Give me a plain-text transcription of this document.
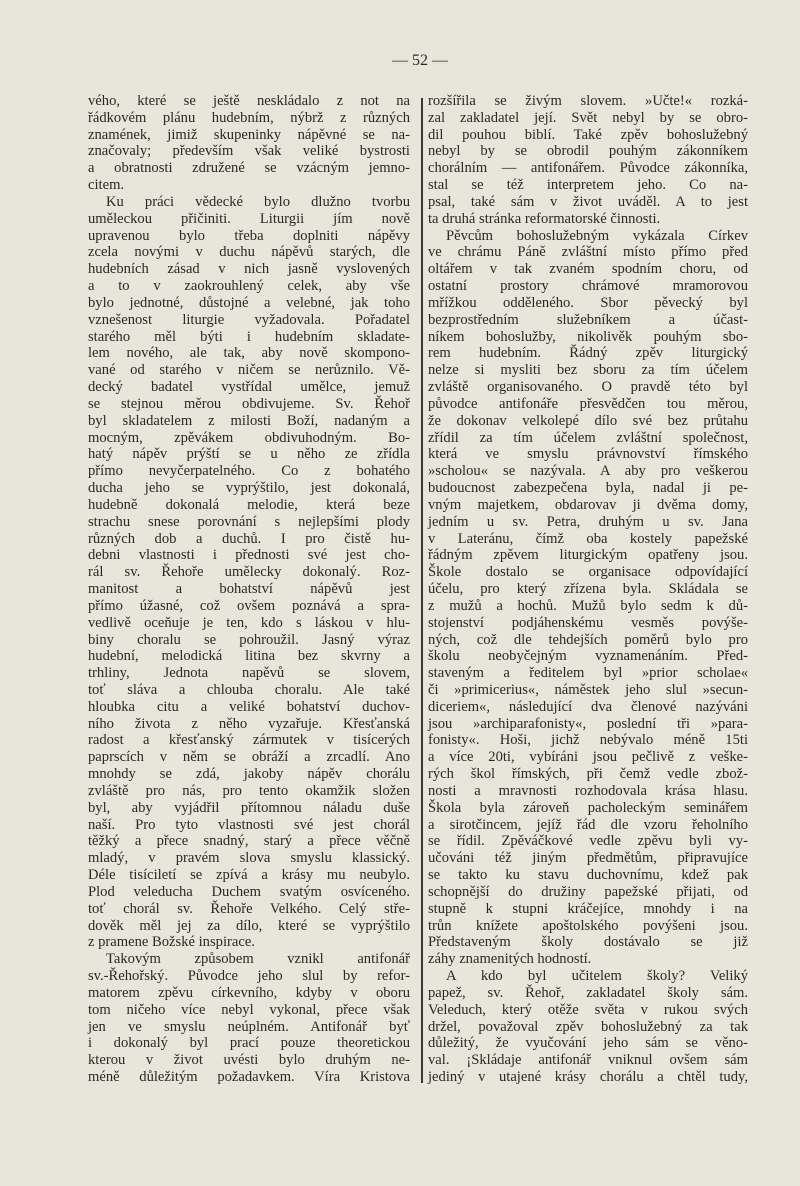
— 52 —
vého, které se ještě neskládalo z not na
řádkovém plánu hudebním, nýbrž z různých
znamének, jimiž skupeninky nápěvné se na-
značovaly; především však veliké bystrosti
a obratnosti združené se vzácným jemno-
citem.
Ku práci vědecké bylo dlužno tvorbu
uměleckou přičiniti. Liturgii jím nově
upravenou bylo třeba doplniti nápěvy
zcela novými v duchu nápěvů starých, dle
hudebních zásad v nich jasně vyslovených
a to v zaokrouhlený celek, aby vše
bylo jednotné, důstojné a velebné, jak toho
vznešenost liturgie vyžadovala. Pořadatel
starého měl býti i hudebním skladate-
lem nového, ale tak, aby nově skompono-
vané od starého v ničem se nerůznilo. Vě-
decký badatel vystřídal umělce, jemuž
se stejnou měrou obdivujeme. Sv. Řehoř
byl skladatelem z milosti Boží, nadaným a
mocným, zpěvákem obdivuhodným. Bo-
hatý nápěv prýští se u něho ze zřídla
přímo nevyčerpatelného. Co z bohatého
ducha jeho se vyprýštilo, jest dokonalá,
hudebně dokonalá melodie, která beze
strachu snese porovnání s nejlepšími plody
různých dob a duchů. I pro čistě hu-
debni vlastnosti i přednosti své jest cho-
rál sv. Řehoře umělecky dokonalý. Roz-
manitost a bohatství nápěvů jest
přímo úžasné, což ovšem poznává a spra-
vedlivě oceňuje je ten, kdo s láskou v hlu-
biny choralu se pohroužil. Jasný výraz
hudební, melodická litina bez skvrny a
trhliny, Jednota napěvů se slovem,
toť sláva a chlouba choralu. Ale také
hloubka citu a veliké bohatství duchov-
ního života z něho vyzařuje. Křesťanská
radost a křesťanský zármutek v tisícerých
paprscích v něm se obráží a zrcadlí. Ano
mnohdy se zdá, jakoby nápěv chorálu
zvláště pro nás, pro tento okamžik složen
byl, aby vyjádřil přítomnou náladu duše
naší. Pro tyto vlastnosti své jest chorál
těžký a přece snadný, starý a přece věčně
mladý, v pravém slova smyslu klassický.
Déle tisíciletí se zpívá a krásy mu neubylo.
Plod veleducha Duchem svatým osvíceného.
toť chorál sv. Řehoře Velkého. Celý stře-
dověk měl jej za dílo, které se vyprýštilo
z pramene Božské inspirace.
Takovým způsobem vznikl antifonář
sv.-Řehořský. Původce jeho slul by refor-
matorem zpěvu církevního, kdyby v oboru
tom ničeho více nebyl vykonal, přece však
jen ve smyslu neúplném. Antifonář byť
i dokonalý byl prací pouze theoretickou
kterou v život uvésti bylo druhým ne-
méně důležitým požadavkem. Víra Kristova
rozšířila se živým slovem. »Učte!« rozká-
zal zakladatel její. Svět nebyl by se obro-
dil pouhou biblí. Také zpěv bohoslužebný
nebyl by se obrodil pouhým zákonníkem
chorálním — antifonářem. Původce zákonníka,
stal se též interpretem jeho. Co na-
psal, také sám v život uváděl. A to jest
ta druhá stránka reformatorské činnosti.
Pěvcům bohoslužebným vykázala Církev
ve chrámu Páně zvláštní místo přímo před
oltářem v tak zvaném spodním choru, od
ostatní prostory chrámové mramorovou
mřížkou odděleného. Sbor pěvecký byl
bezprostředním služebníkem a účast-
níkem bohoslužby, nikolivěk pouhým sbo-
rem hudebním. Řádný zpěv liturgický
nelze si mysliti bez sboru za tím účelem
zvláště organisovaného. O pravdě této byl
původce antifonáře přesvědčen tou měrou,
že dokonav velkolepé dílo své bez průtahu
zřídil za tím účelem zvláštní společnost,
která ve smyslu právnovství římského
»scholou« se nazývala. A aby pro veškerou
budoucnost zabezpečena byla, nadal ji pe-
vným majetkem, obdarovav ji dvěma domy,
jedním u sv. Petra, druhým u sv. Jana
v Lateránu, čímž oba kostely papežské
řádným zpěvem liturgickým opatřeny jsou.
Škole dostalo se organisace odpovídající
účelu, pro který zřízena byla. Skládala se
z mužů a hochů. Mužů bylo sedm k dů-
stojenství podjáhenskému vesměs povýše-
ných, což dle tehdejších poměrů bylo pro
školu neobyčejným vyznamenáním. Před-
staveným a ředitelem byl »prior scholae«
či »primicerius«, náměstek jeho slul »secun-
diceriem«, následující dva členové nazýváni
jsou »archiparafonisty«, poslední tři »para-
fonisty«. Hoši, jichž nebývalo méně 15ti
a více 20ti, vybíráni jsou pečlivě z veške-
rých škol římských, při čemž vedle zbož-
nosti a mravnosti rozhodovala krása hlasu.
Škola byla zároveň pacholeckým seminářem
a sirotčincem, jejíž řád dle vzoru řeholního
se řídil. Zpěváčkové vedle zpěvu byli vy-
učováni též jiným předmětům, připravujíce
se takto ku stavu duchovnímu, kdež pak
schopnější do družiny papežské přijati, od
stupně k stupni kráčejíce, mnohdy i na
trůn knížete apoštolského povýšeni jsou.
Představeným školy dostávalo se již
záhy znamenitých hodností.
A kdo byl učitelem školy? Veliký
papež, sv. Řehoř, zakladatel školy sám.
Veleduch, který otěže světa v rukou svých
držel, považoval zpěv bohoslužebný za tak
důležitý, že vyučování jeho sám se věno-
val. ¡Skládaje antifonář vniknul ovšem sám
jediný v utajené krásy chorálu a chtěl tudy,
